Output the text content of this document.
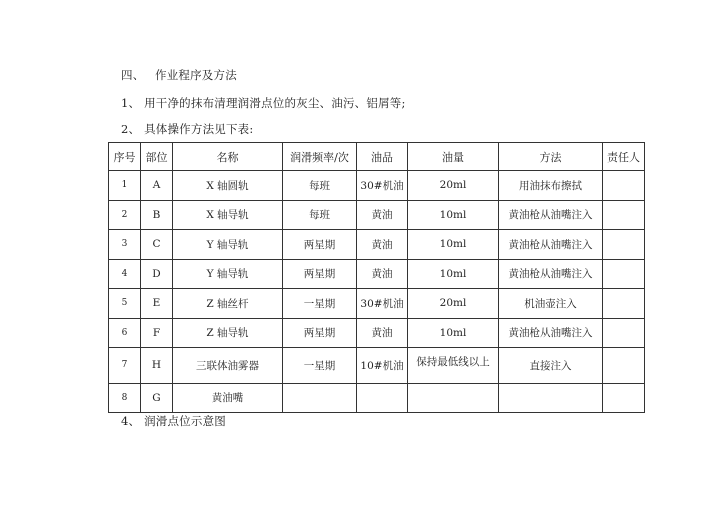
四、 作业程序及方法
1、 用干净的抹布清理润滑点位的灰尘、油污、铝屑等;
2、 具体操作方法见下表:
序号	部位	名称	润滑频率/次	油品	油量	方法	责任人
1	A	X 轴圆轨	每班	30#机油	20ml	用油抹布擦拭	
2	B	X 轴导轨	每班	黄油	10ml	黄油枪从油嘴注入	
3	C	Y 轴导轨	两星期	黄油	10ml	黄油枪从油嘴注入	
4	D	Y 轴导轨	两星期	黄油	10ml	黄油枪从油嘴注入	
5	E	Z 轴丝杆	一星期	30#机油	20ml	机油壶注入	
6	F	Z 轴导轨	两星期	黄油	10ml	黄油枪从油嘴注入	
7	H	三联体油雾器	一星期	10#机油	保持最低线以上	直接注入	
8	G	黄油嘴					
4、 润滑点位示意图
